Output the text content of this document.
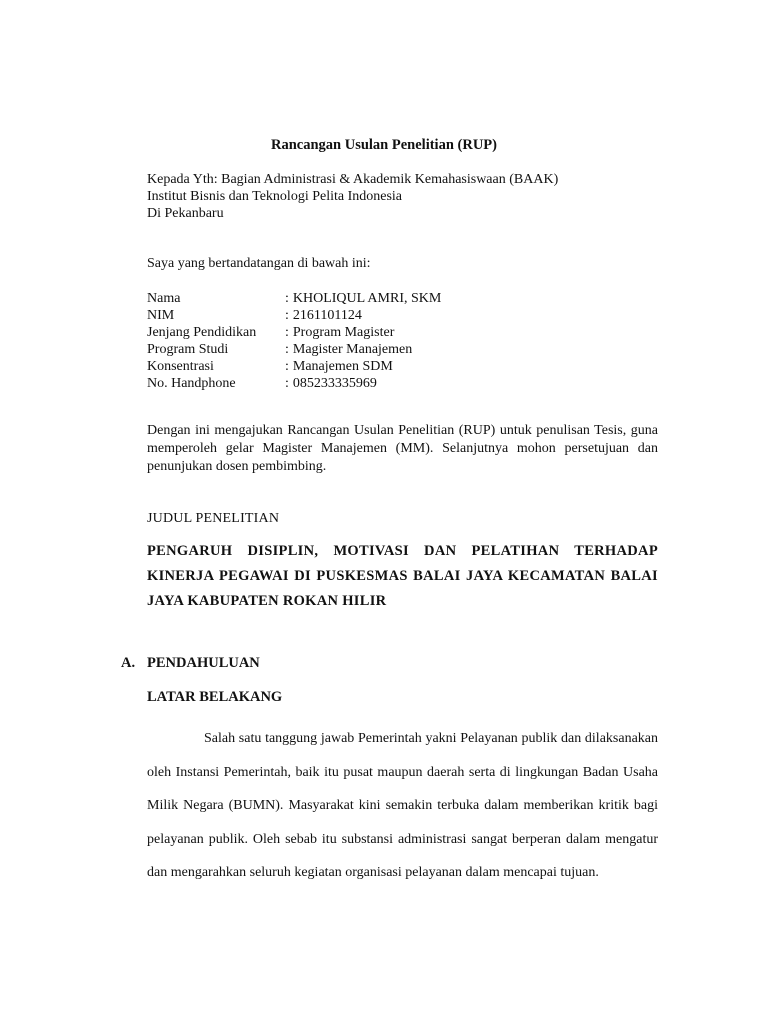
Rancangan Usulan Penelitian (RUP)
Kepada Yth: Bagian Administrasi & Akademik Kemahasiswaan (BAAK)
Institut Bisnis dan Teknologi Pelita Indonesia
Di Pekanbaru
Saya yang bertandatangan di bawah ini:
Nama	: KHOLIQUL AMRI, SKM
NIM	: 2161101124
Jenjang Pendidikan	: Program Magister
Program Studi	: Magister Manajemen
Konsentrasi	: Manajemen SDM
No. Handphone	: 085233335969
Dengan ini mengajukan Rancangan Usulan Penelitian (RUP) untuk penulisan Tesis, guna memperoleh gelar Magister Manajemen (MM). Selanjutnya mohon persetujuan dan penunjukan dosen pembimbing.
JUDUL PENELITIAN
PENGARUH DISIPLIN, MOTIVASI DAN PELATIHAN TERHADAP KINERJA PEGAWAI DI PUSKESMAS BALAI JAYA KECAMATAN BALAI JAYA KABUPATEN ROKAN HILIR
A. PENDAHULUAN
LATAR BELAKANG
Salah satu tanggung jawab Pemerintah yakni Pelayanan publik dan dilaksanakan oleh Instansi Pemerintah, baik itu pusat maupun daerah serta di lingkungan Badan Usaha Milik Negara (BUMN). Masyarakat kini semakin terbuka dalam memberikan kritik bagi pelayanan publik. Oleh sebab itu substansi administrasi sangat berperan dalam mengatur dan mengarahkan seluruh kegiatan organisasi pelayanan dalam mencapai tujuan.
